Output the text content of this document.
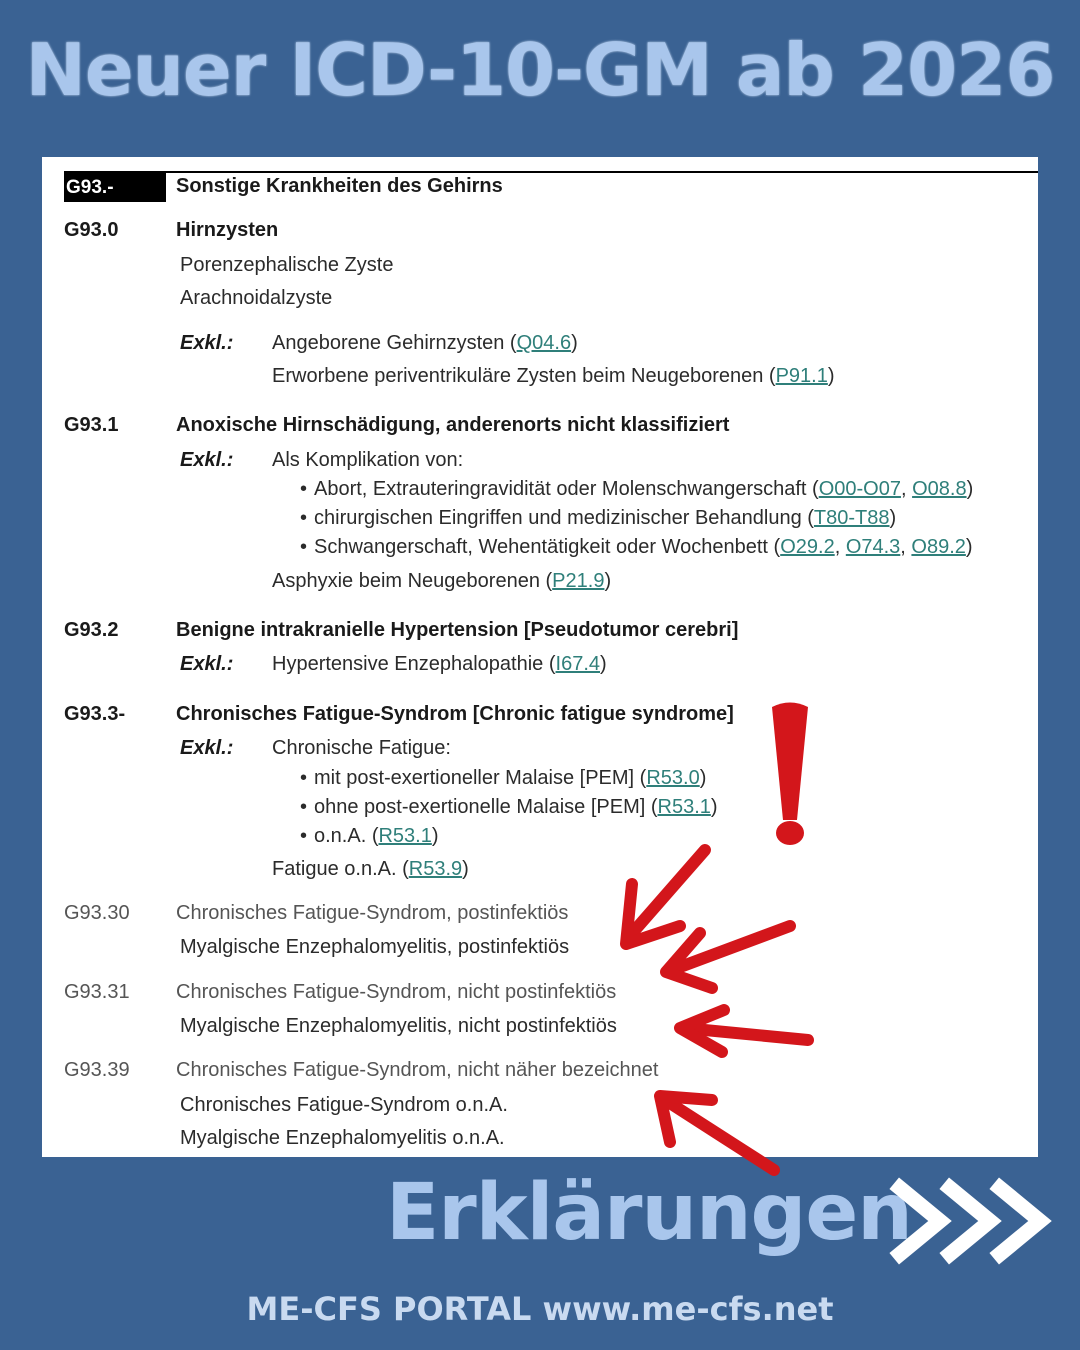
Neuer ICD-10-GM ab 2026
G93.-	Sonstige Krankheiten des Gehirns
G93.0	Hirnzysten
Porenzephalische Zyste
Arachnoidalzyste
Exkl.: Angeborene Gehirnzysten (Q04.6)
Erworbene periventrikuläre Zysten beim Neugeborenen (P91.1)
G93.1	Anoxische Hirnschädigung, anderenorts nicht klassifiziert
Exkl.: Als Komplikation von:
• Abort, Extrauteringravidität oder Molenschwangerschaft (O00-O07, O08.8)
• chirurgischen Eingriffen und medizinischer Behandlung (T80-T88)
• Schwangerschaft, Wehentätigkeit oder Wochenbett (O29.2, O74.3, O89.2)
Asphyxie beim Neugeborenen (P21.9)
G93.2	Benigne intrakranielle Hypertension [Pseudotumor cerebri]
Exkl.: Hypertensive Enzephalopathie (I67.4)
G93.3-	Chronisches Fatigue-Syndrom [Chronic fatigue syndrome]
Exkl.: Chronische Fatigue:
• mit post-exertioneller Malaise [PEM] (R53.0)
• ohne post-exertionelle Malaise [PEM] (R53.1)
• o.n.A. (R53.1)
Fatigue o.n.A. (R53.9)
G93.30 Chronisches Fatigue-Syndrom, postinfektiös
Myalgische Enzephalomyelitis, postinfektiös
G93.31 Chronisches Fatigue-Syndrom, nicht postinfektiös
Myalgische Enzephalomyelitis, nicht postinfektiös
G93.39 Chronisches Fatigue-Syndrom, nicht näher bezeichnet
Chronisches Fatigue-Syndrom o.n.A.
Myalgische Enzephalomyelitis o.n.A.
Erklärungen
ME-CFS PORTAL www.me-cfs.net
